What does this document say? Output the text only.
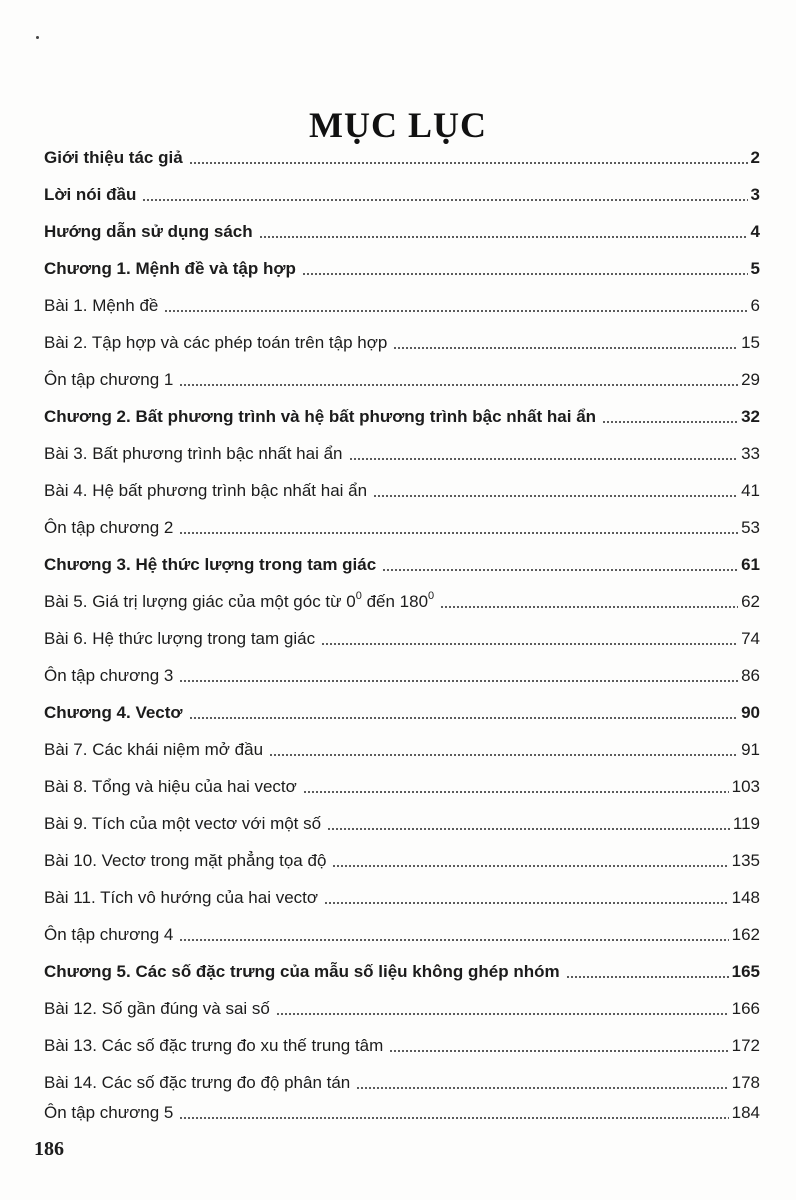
MỤC LỤC
Giới thiệu tác giả	2
Lời nói đầu	3
Hướng dẫn sử dụng sách	4
Chương 1. Mệnh đề và tập hợp	5
Bài 1. Mệnh đề	6
Bài 2. Tập hợp và các phép toán trên tập hợp	15
Ôn tập chương 1	29
Chương 2. Bất phương trình và hệ bất phương trình bậc nhất hai ẩn	32
Bài 3. Bất phương trình bậc nhất hai ẩn	33
Bài 4. Hệ bất phương trình bậc nhất hai ẩn	41
Ôn tập chương 2	53
Chương 3. Hệ thức lượng trong tam giác	61
Bài 5. Giá trị lượng giác của một góc từ $0^0$ đến $180^0$	62
Bài 6. Hệ thức lượng trong tam giác	74
Ôn tập chương 3	86
Chương 4. Vectơ	90
Bài 7. Các khái niệm mở đầu	91
Bài 8. Tổng và hiệu của hai vectơ	103
Bài 9. Tích của một vectơ với một số	119
Bài 10. Vectơ trong mặt phẳng tọa độ	135
Bài 11. Tích vô hướng của hai vectơ	148
Ôn tập chương 4	162
Chương 5. Các số đặc trưng của mẫu số liệu không ghép nhóm	165
Bài 12. Số gần đúng và sai số	166
Bài 13. Các số đặc trưng đo xu thế trung tâm	172
Bài 14. Các số đặc trưng đo độ phân tán	178
Ôn tập chương 5	184
186
